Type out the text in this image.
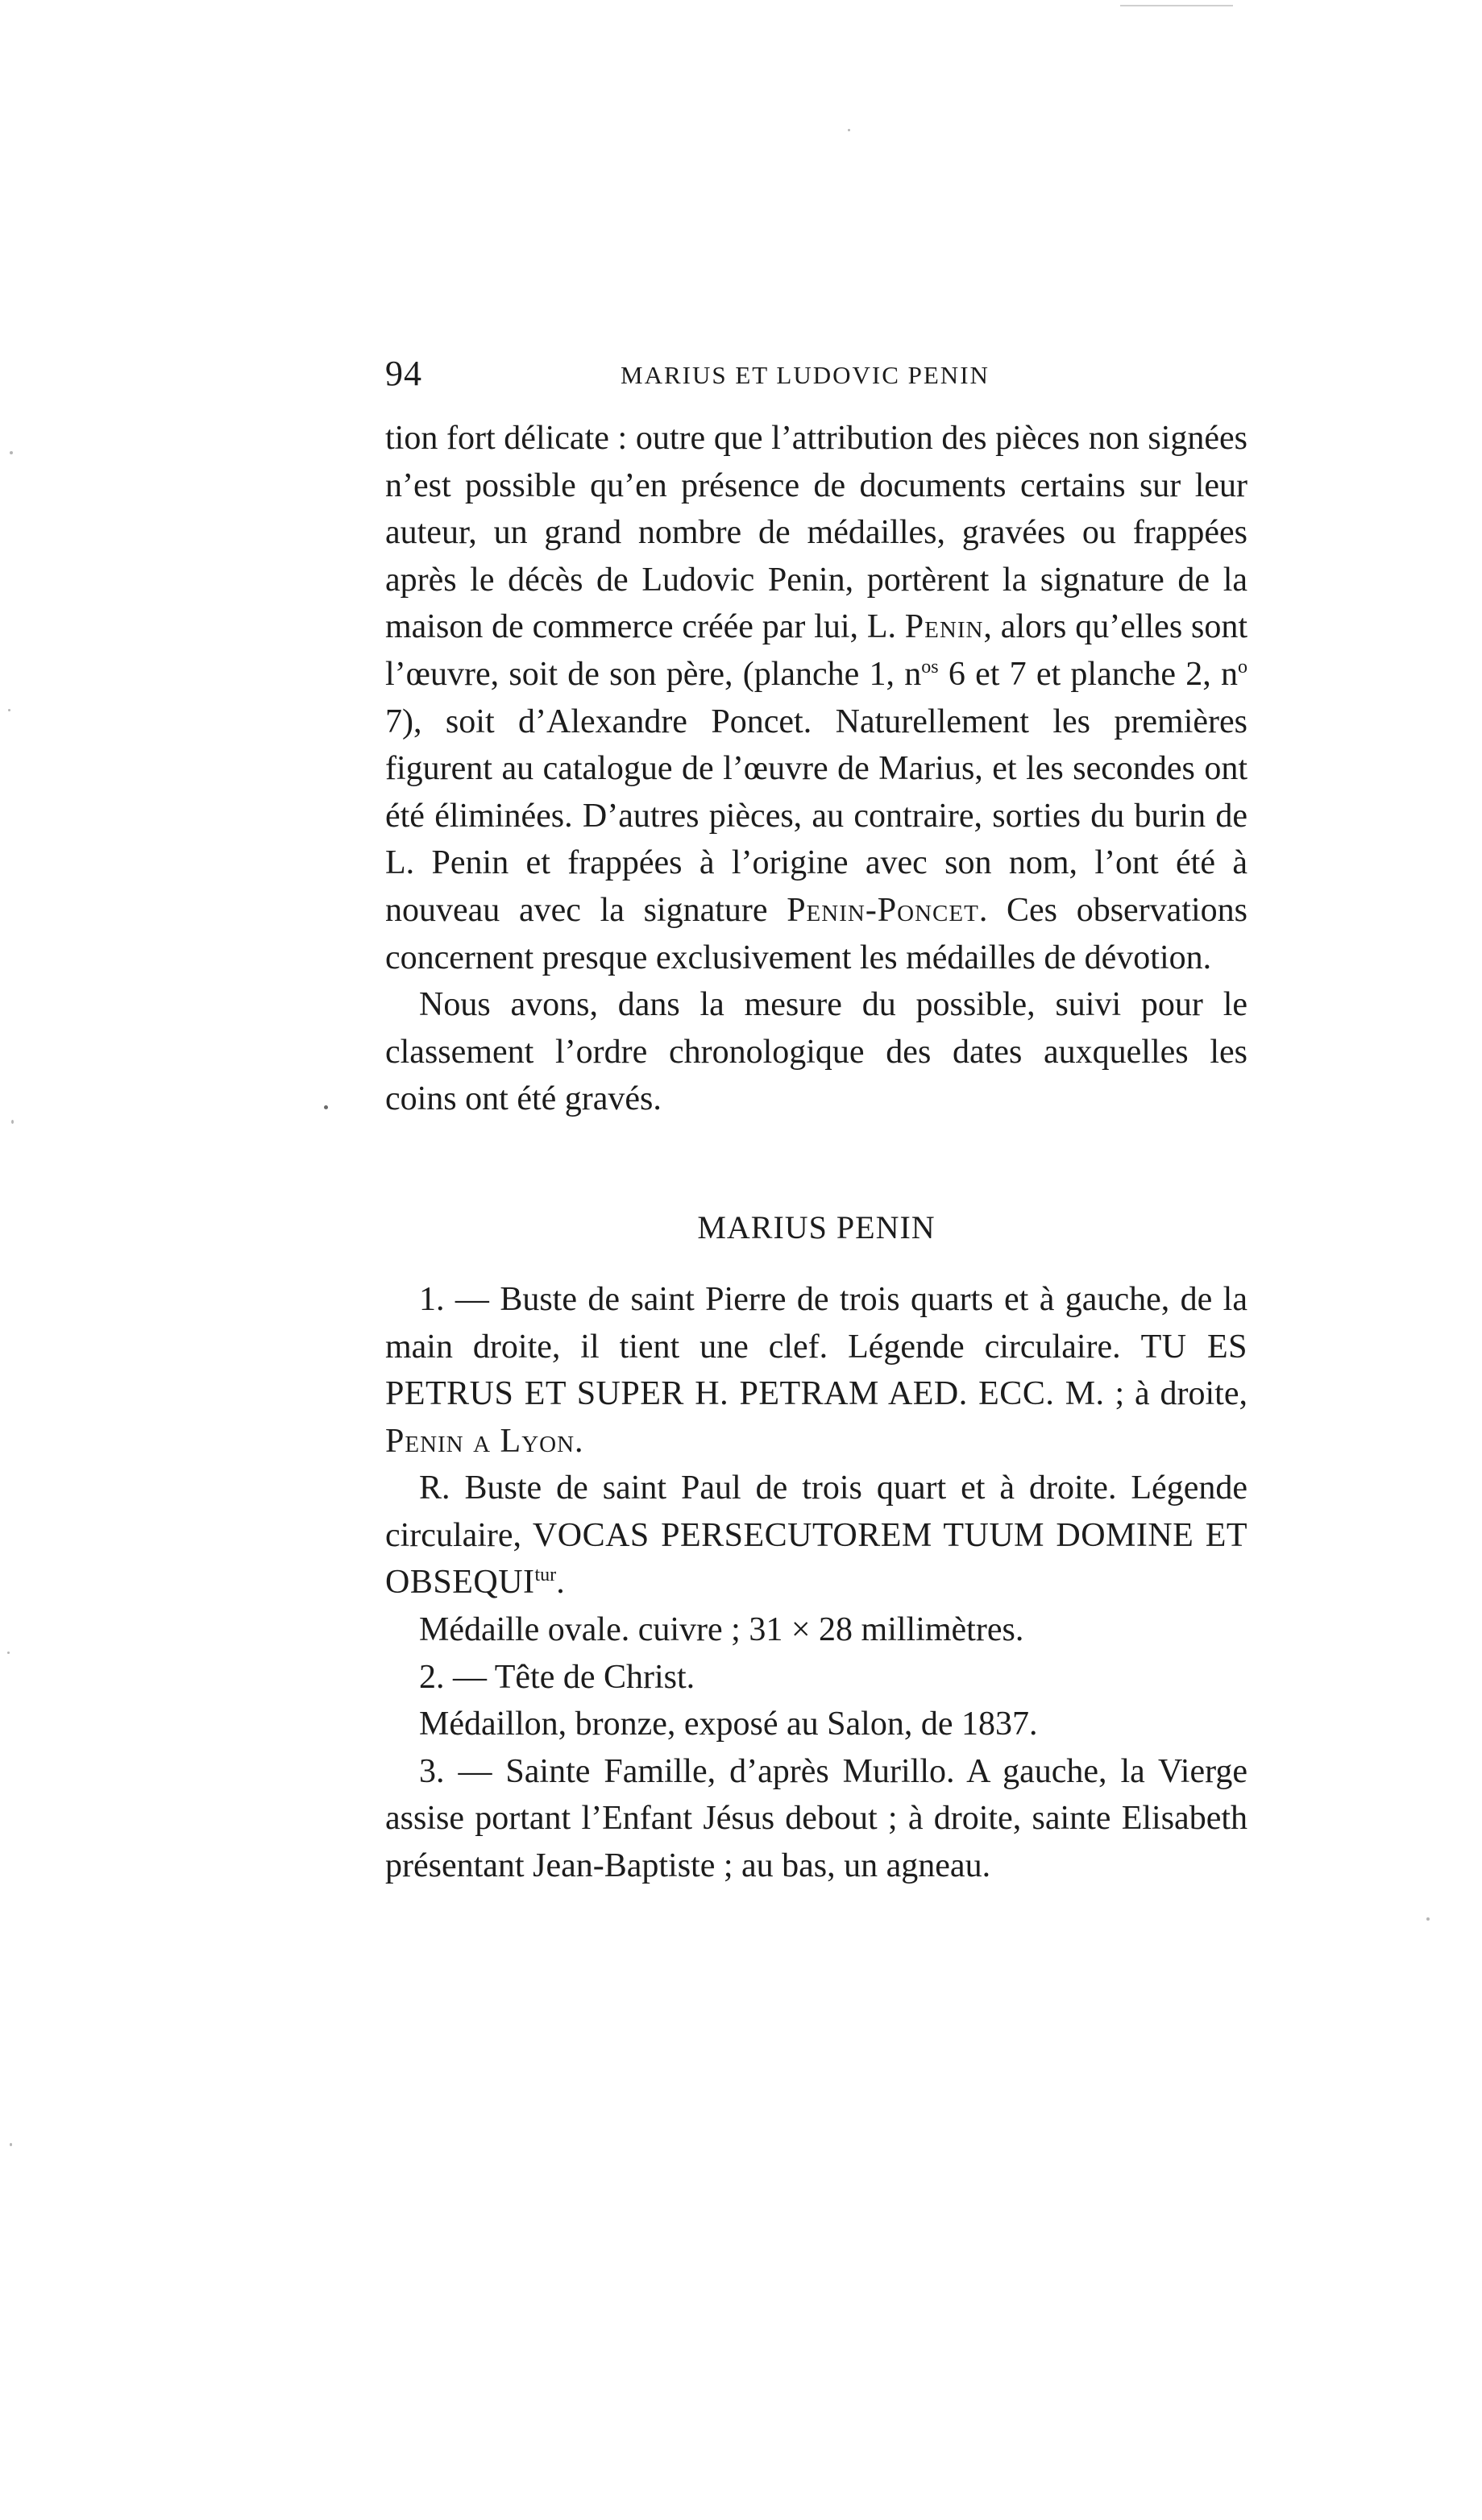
94	MARIUS ET LUDOVIC PENIN

tion fort délicate : outre que l’attribution des pièces non signées n’est possible qu’en présence de documents certains sur leur auteur, un grand nombre de médailles, gravées ou frappées après le décès de Ludovic Penin, portèrent la signature de la maison de commerce créée par lui, L. Penin, alors qu’elles sont l’œuvre, soit de son père, (planche 1, $n^{os}$ 6 et 7 et planche 2, $n^o$ 7), soit d’Alexandre Poncet. Naturellement les premières figurent au catalogue de l’œuvre de Marius, et les secondes ont été éliminées. D’autres pièces, au contraire, sorties du burin de L. Penin et frappées à l’origine avec son nom, l’ont été à nouveau avec la signature Penin-Poncet. Ces observations concernent presque exclusivement les médailles de dévotion.

Nous avons, dans la mesure du possible, suivi pour le classement l’ordre chronologique des dates auxquelles les coins ont été gravés.

MARIUS PENIN

1. — Buste de saint Pierre de trois quarts et à gauche, de la main droite, il tient une clef. Légende circulaire. TU ES PETRUS ET SUPER H. PETRAM AED. ECC. M. ; à droite, Penin a Lyon.

R. Buste de saint Paul de trois quart et à droite. Légende circulaire, VOCAS PERSECUTOREM TUUM DOMINE ET $OBSEQUI^{tur}$.

Médaille ovale. cuivre ; 31 × 28 millimètres.

2. — Tête de Christ.

Médaillon, bronze, exposé au Salon, de 1837.

3. — Sainte Famille, d’après Murillo. A gauche, la Vierge assise portant l’Enfant Jésus debout ; à droite, sainte Elisabeth présentant Jean-Baptiste ; au bas, un agneau.
